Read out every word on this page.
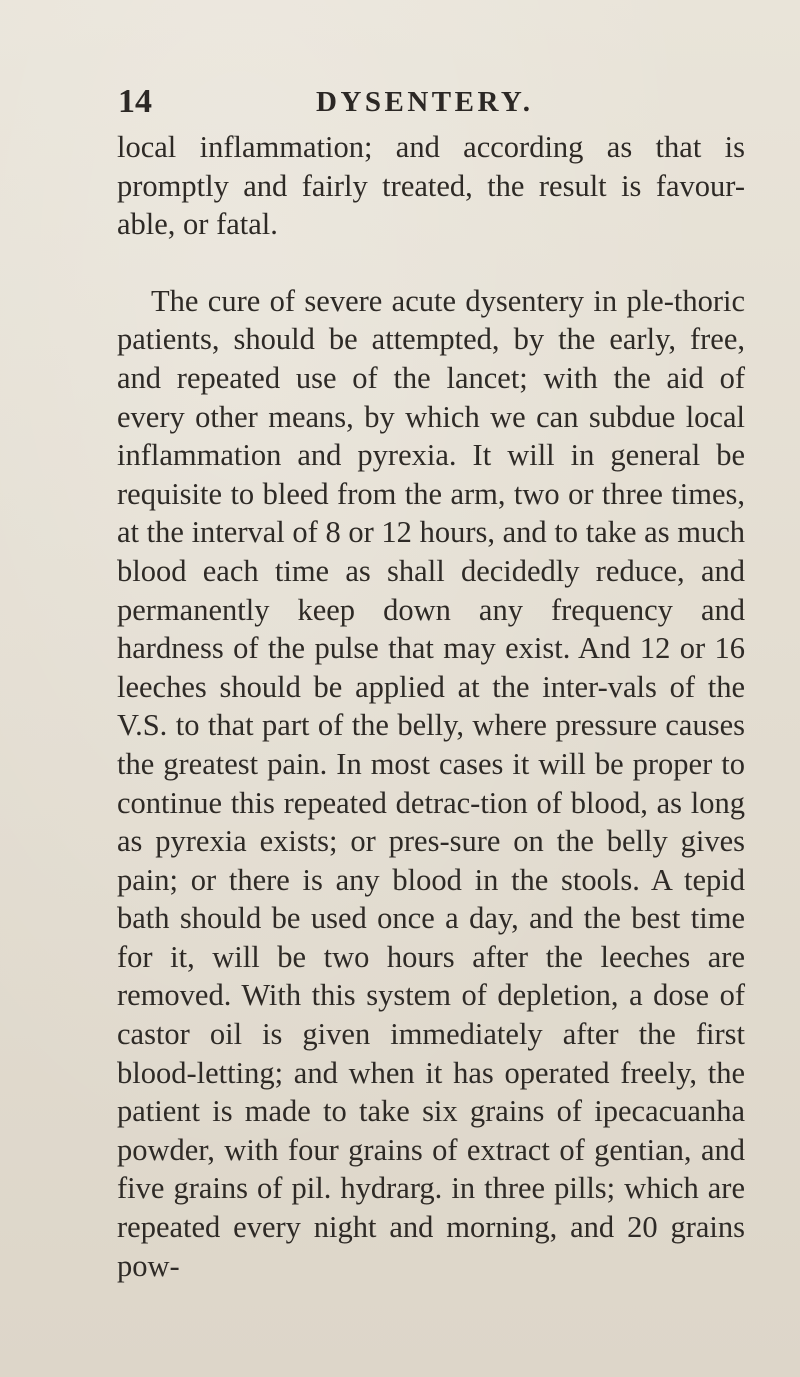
14	DYSENTERY.

local inflammation; and according as that is promptly and fairly treated, the result is favour-able, or fatal.

The cure of severe acute dysentery in ple-thoric patients, should be attempted, by the early, free, and repeated use of the lancet; with the aid of every other means, by which we can subdue local inflammation and pyrexia. It will in general be requisite to bleed from the arm, two or three times, at the interval of 8 or 12 hours, and to take as much blood each time as shall decidedly reduce, and permanently keep down any frequency and hardness of the pulse that may exist. And 12 or 16 leeches should be applied at the inter-vals of the V.S. to that part of the belly, where pressure causes the greatest pain. In most cases it will be proper to continue this repeated detrac-tion of blood, as long as pyrexia exists; or pres-sure on the belly gives pain; or there is any blood in the stools. A tepid bath should be used once a day, and the best time for it, will be two hours after the leeches are removed. With this system of depletion, a dose of castor oil is given immediately after the first blood-letting; and when it has operated freely, the patient is made to take six grains of ipecacuanha powder, with four grains of extract of gentian, and five grains of pil. hydrarg. in three pills; which are repeated every night and morning, and 20 grains pow-
